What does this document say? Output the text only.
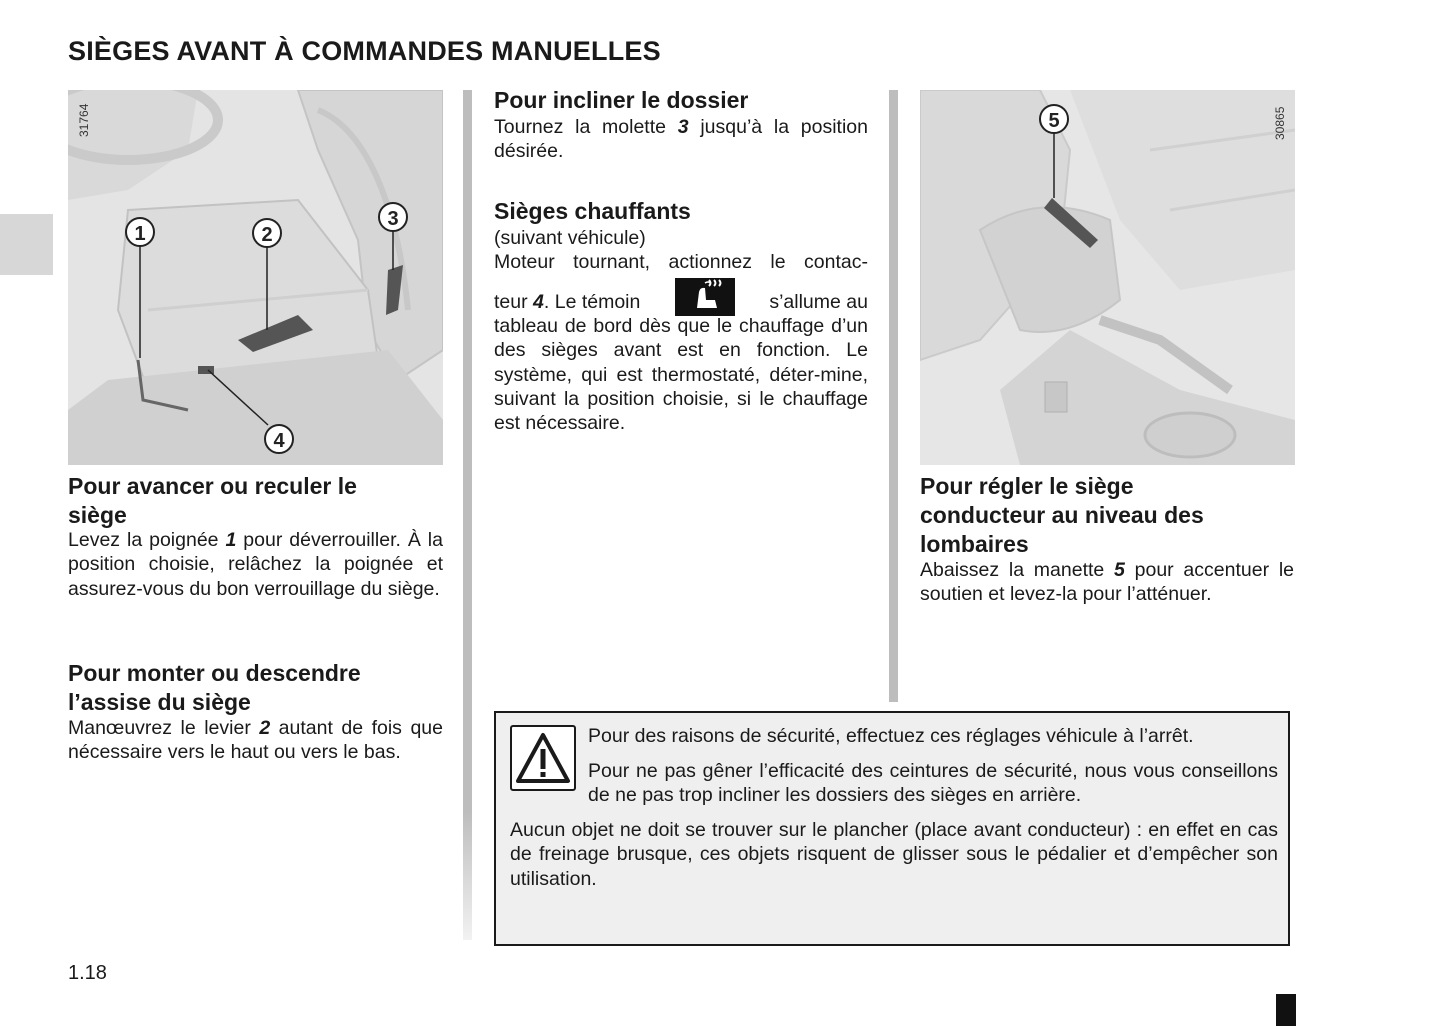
SIÈGES AVANT À COMMANDES MANUELLES
1	2
3
4
31764
Pour avancer ou reculer le
siège

Levez la poignée 1 pour déverrouiller. À la position choisie, relâchez la poignée et assurez-vous du bon verrouillage du siège.

Pour monter ou descendre
l’assise du siège

Manœuvrez le levier 2 autant de fois que nécessaire vers le haut ou vers le bas.

Pour incliner le dossier

Tournez la molette 3 jusqu’à la position désirée.

Sièges chauffants

(suivant véhicule)

Moteur tournant, actionnez le contac-

teur 4. Le témoin	s’allume au

tableau de bord dès que le chauffage d’un des sièges avant est en fonction. Le système, qui est thermostaté, déter-mine, suivant la position choisie, si le chauffage est nécessaire.

5	30865
Pour régler le siège
conducteur au niveau des
lombaires

Abaissez la manette 5 pour accentuer le soutien et levez-la pour l’atténuer.

Pour des raisons de sécurité, effectuez ces réglages véhicule à l’arrêt.

Pour ne pas gêner l’efficacité des ceintures de sécurité, nous vous conseillons de ne pas trop incliner les dossiers des sièges en arrière.

Aucun objet ne doit se trouver sur le plancher (place avant conducteur) : en effet en cas de freinage brusque, ces objets risquent de glisser sous le pédalier et d’empêcher son utilisation.

1.18
